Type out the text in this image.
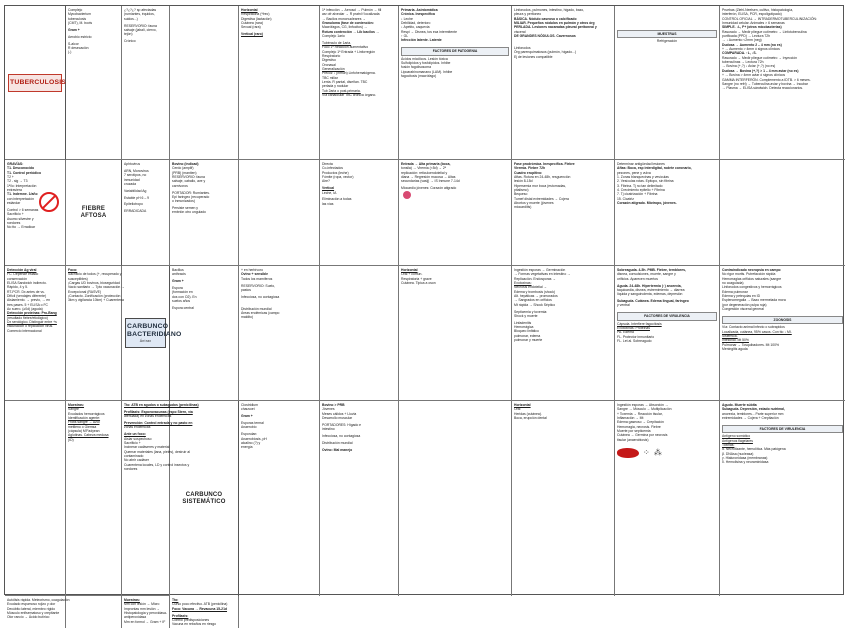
TUBERCULOSIS
Complejo
Mycobacterium
tuberculosis
(CMT), M. bovis
Gram +
Aerobio estricto
S-alcor
R desecación
(-)
¿?¿?¿? sp afectadas
(rumiantes, équidos,
suidos...)
RESERVORIO: fauna
salvaje (jabalí, ciervo,
tejón)
Crónico
Horizontal
Respiratoria (*frec)
Digestiva (lactación)
Cutánea (rara)
Sexual (rara)
Vertical (raro)
1ª infección → Aerosol → Pulmón → fill
asr ofr alveolar → R pratnl f localizada
→ Bacilos mononucleares →
Granuloma (fase de contención:
Macrófagos, CG, linfocitos) →
Rotura contención → Lib bacilos →
Complejo 1ario
Tubérculo de 1aria.
Foco 1ª Reacción aumentativo
Complejo 1ª Entrada + Linforregión
Respiratorio
Digestivo
Oronasal
Generalización
Precoz ↓ (inmun) Linfohematógena.
TBC miliar
Lenta. R pantal, diseñan. TBC
perlada y nodular
Tub 2aria o post-primaria.
Vía canalicular TBC crónica órgano.
Primaria. Asintomática
Crónica. Inespecífica
↓ Leche
Debilidad, deterioro
↓ Apetito, caquexia
Respi → Disnea, tos eca intermitente
↑ GL
Infección latente. Latente
FACTORES DE PATOGENIA
Ácidos micólicos. Lesión tóxica
Sulfolípidos y fosfolípidos. Inhibe
fusión fagolisosoma
Lipoarabinomanano (LAM). Inhibe
fagocitosis (macrófago)
Linfonodos, pulmones, intestino, hígado, bazo,
pleura y peritoneo
BÁSICA. Nódulo caseoso o calcificado
MILIAR. Pequeños nódulos en pulmón y otros órg
PERLADA. Lesiones nacaradas pleural peritoneal y
visceral
DE GRANDES NÓDULOS. Cavernosos
Linfonodos
Órg parenquimatosos (pulmón, hígado...)
Ej de lesiones compatible
MUESTRAS
Refrigeración
Pruebas (Ziehl-Neelsen, cultivo, histopatología,
interferón, ELISA, PCR, espoligotipado)
CONTROL OFICIAL → INTRADERMOTUBERCULINIZACIÓN:
Inmunidad celular. Animales > 6 semanas
SIMPLE. ↓L, F+ (otros micobacterias)
Rasurado → Medir pliegue cutímetro → Linfotuberculina
purificada (PPD) → Lectura 72h
→ ↓ Aumento <2mm (neg)
Dudosa → Aumento 2 – 4 mm (no es)
+ → Aumento > 4mm ó signos clínicos
COMPARADA. ↑L, ↓S.
Rasurado → Medir pliegue cutímetro → Inyección
tuberculinas → Lectura 72h
→ Bovina (+,?) ↓ Aviar (+,?) (no es)
Dudosa → Bovina (+,?) > 1 – 4 mm aviar (no es)
+ → Bovina > 4mm aviar ó signos clínicos
GAMMA INTERFERÓN. Complemento a IDTB. > 6 meses.
Sangre (no refri) → Tuberculina aviar y bovina → Incubar
→ Plasma → ELISA sándwich. Detecta reaccionarios.
GRAVÍAS:
T1. Desconocido
T1. Control periódico
T2 +
T2 - sig → T3
1ª/lo: Interpretación
extraviera
T1. Indemne. 1/año
con interpretación
estándar
Control > 6 semanas
Sacrificio +
Asumo silvestre y
roedores
No tto → Erradicar
FIEBRE AFTOSA
Aphtovirus
ARN, Monovirus
7 serotipos, no
inmunidad
cruzada
Variabilidad Ag
Estable pH 6 – 9
Epiteliotropo
ERRADICADA
Bovino (indicad)
Cerdo (amplif)
(PRB) (mantien)
RESERVORIO: fauna
salvaje, caballo, ave y
carnívoros
PORTADOR: Rumiantes.
Epi faringeo (recuperado
o inmunizados)
Persiste semen y
embrión otro ungulado
Directa
Co-infectados
Productos (leche)
Fómite (ropa, vector)
Aire?
Vertical
Leche, IA
Eliminación a todas
las vías
Entrada → Alta primaria (boca,
tonsila) → Viremia (<5d) → 2ª
replicación: reticuloendotelial y
diana → Regresión mucosa → Altas
secundarias (vasij) → IS Inmune 7-14d
Miocardio jóvenes: Corazón atigrado
Fase prodrómica. Inespecífica. Fiebre
Viremia. Fiebre 72h
Cuadro erupitivo:
Aftas. Rotura en 24-48h, resguención
lesión 8-15d
Hipersemia mor boca (estornadas,
ptialismo)
Bequeso
Tumef distal extremidades → Cojera
Abortos y muerte (jóvenes
miocarditis)
Determinar antigüedad lesiones
Aftas: Boca, esp interdigital, rodete coronario,
pezones, pene y vulva
1. Zonas blanquecinas y vesículas
2. Vesículas rotas. Epitopo, sin fibrina
3. Fibrina. Tj no tan delimitado
4. Crecimiento epitelio + Fibrina
7. Tj cicatrización + Fibrina
15. Cicatriz
Corazón atigrado. Miotropo, jóvenes.
Detección Ag viral
FC. Depende estado
conservación
ELISA Sandwich indirecto.
Rápido, 4 y 5.
RT-PCR. Dx antes de vs.
Difícil (vendajes diferente)
Aislamiento. → previo, → en
tres pases. 5 + ELISA o FC
Ac suero. (≥0d) (aguda)
Detección proteínas: Pro-Bang
(resultado fiebre/etiológico)
Dx serológico. Distinguir entre +s
vacunación o replicación virus.
Comercio internacional
Foco:
Sacrificio de todos (+, recuperado y
susceptibles)
¡Cargas UD bovinos, bioseguridad
Vacío sanitario → Tpto vacunación →
Excepcional (RASVE)
¡Contacto. Zonificación (protección
3km y vigilancia 10km) + Cuarentena
CARBUNCO BACTERIDIANO
Ántrax
Bacillus
anthracis
Gram +
Espora
(formación en
dos con O2). En
suelos años
Espora central
+ en herbívoro
Ovino + sensible
Todos los mamíferos
RESERVORIO: Suelo,
pastos
Infecciosa, no contagiosa
Distribución mundial
Áreas endémicas (campo
maldito)
Horizontal
Oral + común.
Respiratoria + grave
Cutánea. Tipica a oson
Ingestión esporas → Germinación
→ Formas vegetativas en intestino →
Replicación. Endosporas →
Exotoxinas:
Necrosis endotelial →
Edema y trombosis (shock)
Alt. hepáticas → promorados
→ Sangrados en orificios
Mt rápida → Shock Séptico
Septicemia y toxemia:
Shock y muerte
Linfadenitis
Hemorrágica
Bloqueo linfático
pulmonar, edema
pulmonar y muerte
Sobreaguda. 4-5h. PMB. Fiebre, temblores,
disnea, convulsiones, muerte, sangre y
orificios. Aparecen muertos
Aguda. 24-48h. Hipertermia (↑) anorexia,
taquicardia, disnea, estremimiento → diarrea
líquida y sanguinolenta, edemas, depresión
Subaguda. Cutánea. Edema lingual, faringeo
y ventral
FACTORES DE VIRULENCIA
Cápsula. Interfiere fagocitosis
Exotoxinas: Proteínas
PA. Edema
FL. Protector inmunitario
FL. Let al. Sobreagudo
Contraindicado necropsia en campo
No rigor mortis. Putrefacción rápida
Hemorragias orificios naturales (sangre
no coagulada)
Linfonodos congestivos y hemorrágicos
Edema pulmonar
Edema y petequias en ID
Esplenomegalia → Bazo mermelada mora
(por degeneración pulpa roja)
Congestión visceral general
ZOONOSIS
Vía: Contacto animal infecto o subrapidos
Localizada, cutánea, 95% casos. Con tto ↓ MI.
Sistémica.
Intestinal. Mt 50%
Pulmonar → Tosquibadores. Mt 100%
Meningitis aguda
Muestras:
Sangre
Exudados hemorrágicos
Identificación agente:
Frotis sangre → Azul
metileno o Giemsa
(cápsula) M'Fadyean
Aglutinas. Cabeza medusa
(ID)
Tto: ATB en agudos o subagudos (penicilinas)
Profilaxis: Esporovacunas (espo Stern, vía
atenuada) en zonas endémicas
Prevención: Control entrada y no pasto en
zonas endémicas
Ante un foco:
Aislar sospechoso
Sacrificio +
Incinerar cadáveres y material
Quemar materiales (lana, pieles), destruir al
contaminado
No abrir cadáver
Cuarentena locales, LD y control insectos y
roedores
CARBUNCO SISTEMÁTICO
Clostridium
chauvoei
Gram +
Esporas termal
Anaerobio
Esporulan:
Anaerobiosis, pH
alcalino (?) y
energía
Bovino > PRB
Jóvenes
Meses cálidos + Lluvia
Desarrollo muscular
PORTADORES: Hígado e
intestino
Infecciosa, no contagiosa
Distribución mundial
Ovino: Mal manejo
Horizontal
Oral
Heridas (cutánea).
Boca, erupción dental
Ingestión esporas → Absorción →
Sangre → Músculo → Multiplicación
+ Toxemia → Reacción tisular,
Inflamación → Mt
Edema gaseoso → Crepitación
Hemorragia, necrosis. Fiebre
Muerte por septicemia
Cutánea → Germina por necrosis
tisular (anaerobiosis)
⁘ ⁂
Agudo. Muerte súbita
Subaguda. Depresión, estado nutrimal,
anorexia, temblores... Parte superior mm
extremidades → Cojera + Crepitación
FACTORES DE VIRULENCIA
Antígeno somático
Antígenos flagelares
Toxinas:
α. Necrotizante, hemolítica. Más patógena
β. DNAsa (nucleasa)
γ. Hialuronidasa (membranas)
δ. Hemolisina y neuraminidasa
Autólisis rápida. Meteorismo, coagulación
Exudado espumoso rojizo y olor
Decúbito lateral, miembro rígido
Músculo enfisematoso y crepitante
Olor rancio → Ácido butírico
Muestras:
Mm con lesión → Micro
Improntas mm lesión →
Histopatología y peroxidasa-
antiperoxidasa
Mm en formol → Gram + IF
Tto:
Curso poco efectivo. ATB (penicilina)
Foco: Vacuna → Revacuna 15-21d
Profilaxis:
Control predisposiciones
Vacuna en rebaños en riesgo
